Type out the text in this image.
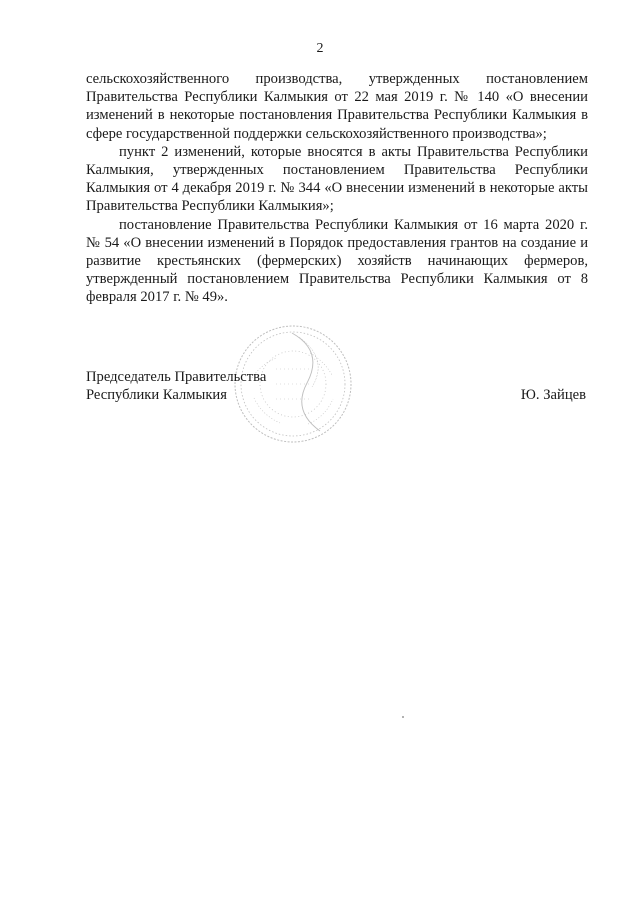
2

сельскохозяйственного производства, утвержденных постановлением Правительства Республики Калмыкия от 22 мая 2019 г. № 140 «О внесении изменений в некоторые постановления Правительства Республики Калмыкия в сфере государственной поддержки сельскохозяйственного производства»;

пункт 2 изменений, которые вносятся в акты Правительства Республики Калмыкия, утвержденных постановлением Правительства Республики Калмыкия от 4 декабря 2019 г. № 344 «О внесении изменений в некоторые акты Правительства Республики Калмыкия»;

постановление Правительства Республики Калмыкия от 16 марта 2020 г. № 54 «О внесении изменений в Порядок предоставления грантов на создание и развитие крестьянских (фермерских) хозяйств начинающих фермеров, утвержденный постановлением Правительства Республики Калмыкия от 8 февраля 2017 г. № 49».

Председатель Правительства
Республики Калмыкия	Ю. Зайцев
